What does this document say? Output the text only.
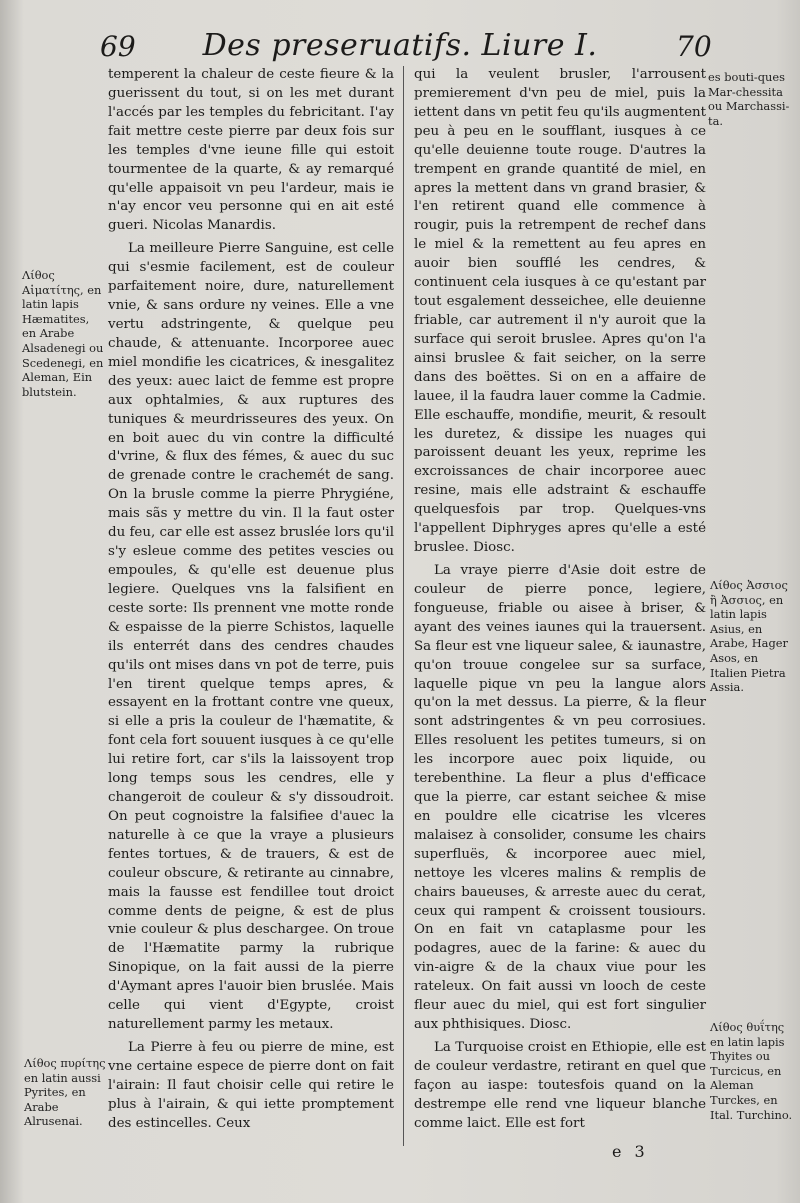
69	Des preseruatifs. Liure I.	70

temperent la chaleur de ceste fieure & la guerissent du tout, si on les met durant l'accés par les temples du febricitant. I'ay fait mettre ceste pierre par deux fois sur les temples d'vne ieune fille qui estoit tourmentee de la quarte, & ay remarqué qu'elle appaisoit vn peu l'ardeur, mais ie n'ay encor veu personne qui en ait esté gueri. Nicolas Manardis.

La meilleure Pierre Sanguine, est celle qui s'esmie facilement, est de couleur parfaitement noire, dure, naturellement vnie, & sans ordure ny veines. Elle a vne vertu adstringente, & quelque peu chaude, & attenuante. Incorporee auec miel mondifie les cicatrices, & inesgalitez des yeux: auec laict de femme est propre aux ophtalmies, & aux ruptures des tuniques & meurdrisseures des yeux. On en boit auec du vin contre la difficulté d'vrine, & flux des fémes, & auec du suc de grenade contre le crachemét de sang. On la brusle comme la pierre Phrygiéne, mais sãs y mettre du vin. Il la faut oster du feu, car elle est assez bruslée lors qu'il s'y esleue comme des petites vescies ou empoules, & qu'elle est deuenue plus legiere. Quelques vns la falsifient en ceste sorte: Ils prennent vne motte ronde & espaisse de la pierre Schistos, laquelle ils enterrét dans des cendres chaudes qu'ils ont mises dans vn pot de terre, puis l'en tirent quelque temps apres, & essayent en la frottant contre vne queux, si elle a pris la couleur de l'hæmatite, & font cela fort souuent iusques à ce qu'elle lui retire fort, car s'ils la laissoyent trop long temps sous les cendres, elle y changeroit de couleur & s'y dissoudroit. On peut cognoistre la falsifiee d'auec la naturelle à ce que la vraye a plusieurs fentes tortues, & de trauers, & est de couleur obscure, & retirante au cinnabre, mais la fausse est fendillee tout droict comme dents de peigne, & est de plus vnie couleur & plus deschargee. On troue de l'Hæmatite parmy la rubrique Sinopique, on la fait aussi de la pierre d'Aymant apres l'auoir bien bruslée. Mais celle qui vient d'Egypte, croist naturellement parmy les metaux.

La Pierre à feu ou pierre de mine, est vne certaine espece de pierre dont on fait l'airain: Il faut choisir celle qui retire le plus à l'airain, & qui iette promptement des estincelles. Ceux

qui la veulent brusler, l'arrousent premierement d'vn peu de miel, puis la iettent dans vn petit feu qu'ils augmentent peu à peu en le soufflant, iusques à ce qu'elle deuienne toute rouge. D'autres la trempent en grande quantité de miel, en apres la mettent dans vn grand brasier, & l'en retirent quand elle commence à rougir, puis la retrempent de rechef dans le miel & la remettent au feu apres en auoir bien soufflé les cendres, & continuent cela iusques à ce qu'estant par tout esgalement desseichee, elle deuienne friable, car autrement il n'y auroit que la surface qui seroit bruslee. Apres qu'on l'a ainsi bruslee & fait seicher, on la serre dans des boëttes. Si on en a affaire de lauee, il la faudra lauer comme la Cadmie. Elle eschauffe, mondifie, meurit, & resoult les duretez, & dissipe les nuages qui paroissent deuant les yeux, reprime les excroissances de chair incorporee auec resine, mais elle adstraint & eschauffe quelquesfois par trop. Quelques-vns l'appellent Diphryges apres qu'elle a esté bruslee. Diosc.

La vraye pierre d'Asie doit estre de couleur de pierre ponce, legiere, fongueuse, friable ou aisee à briser, & ayant des veines iaunes qui la trauersent. Sa fleur est vne liqueur salee, & iaunastre, qu'on trouue congelee sur sa surface, laquelle pique vn peu la langue alors qu'on la met dessus. La pierre, & la fleur sont adstringentes & vn peu corrosiues. Elles resoluent les petites tumeurs, si on les incorpore auec poix liquide, ou terebenthine. La fleur a plus d'efficace que la pierre, car estant seichee & mise en pouldre elle cicatrise les vlceres malaisez à consolider, consume les chairs superfluës, & incorporee auec miel, nettoye les vlceres malins & remplis de chairs baueuses, & arreste auec du cerat, ceux qui rampent & croissent tousiours. On en fait vn cataplasme pour les podagres, auec de la farine: & auec du vin-aigre & de la chaux viue pour les rateleux. On fait aussi vn looch de ceste fleur auec du miel, qui est fort singulier aux phthisiques. Diosc.

La Turquoise croist en Ethiopie, elle est de couleur verdastre, retirant en quel que façon au iaspe: toutesfois quand on la destrempe elle rend vne liqueur blanche comme laict. Elle est fort

es bouti-ques Mar-chessita ou Marchassi-ta.
Λίθος Αἱματίτης, en latin lapis Hæmatites, en Arabe Alsadenegi ou Scedenegi, en Aleman, Ein blutstein.
Λίθος Ἀσσιος ἢ Ἀσσιος, en latin lapis Asius, en Arabe, Hager Asos, en Italien Pietra Assia.
Λίθος πυρίτης en latin aussi Pyrites, en Arabe Alrusenai.
Λίθος θυΐτης en latin lapis Thyites ou Turcicus, en Aleman Turckes, en Ital. Turchino.
e 3
